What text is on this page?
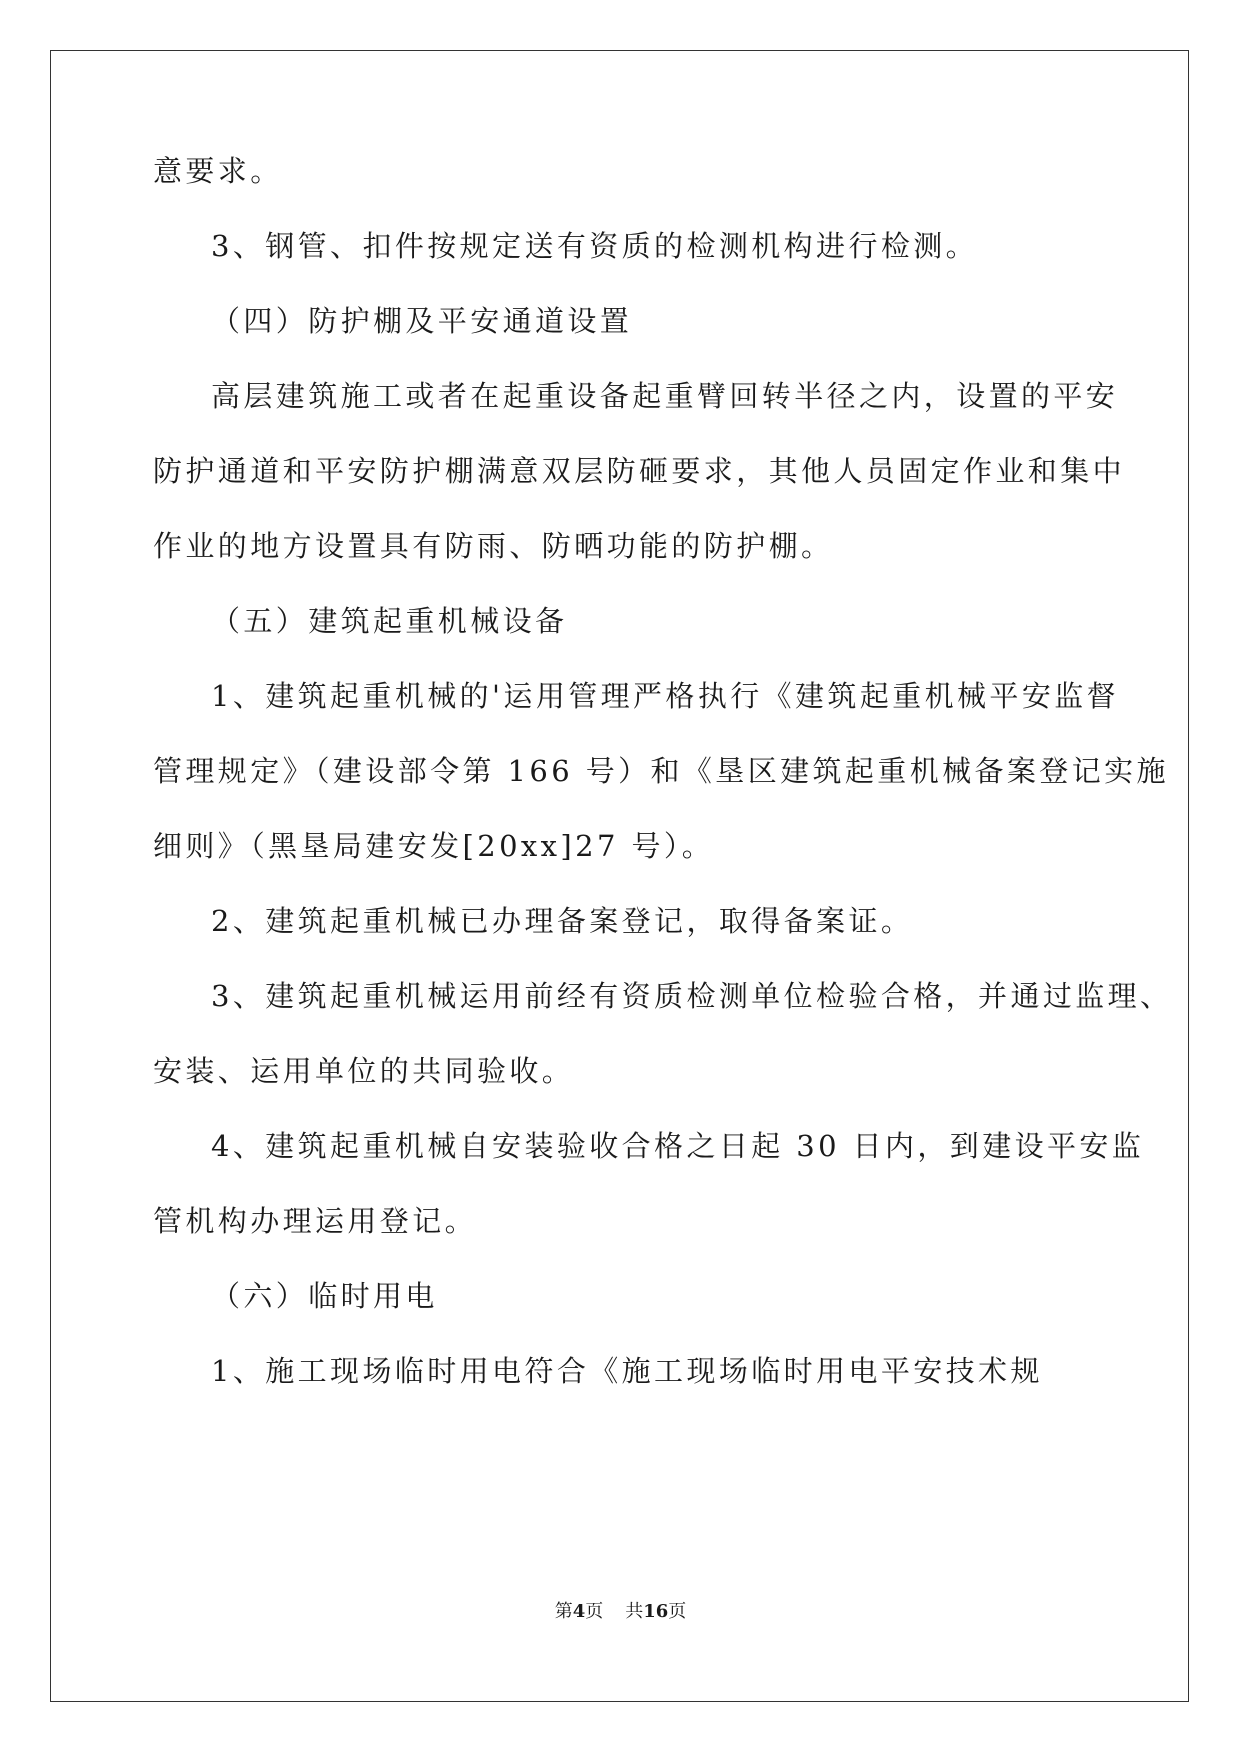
意要求。
3、钢管、扣件按规定送有资质的检测机构进行检测。
（四）防护棚及平安通道设置
高层建筑施工或者在起重设备起重臂回转半径之内，设置的平安
防护通道和平安防护棚满意双层防砸要求，其他人员固定作业和集中
作业的地方设置具有防雨、防晒功能的防护棚。
（五）建筑起重机械设备
1、建筑起重机械的'运用管理严格执行《建筑起重机械平安监督
管理规定》（建设部令第 166 号）和《垦区建筑起重机械备案登记实施
细则》（黑垦局建安发[20xx]27 号）。
2、建筑起重机械已办理备案登记，取得备案证。
3、建筑起重机械运用前经有资质检测单位检验合格，并通过监理、
安装、运用单位的共同验收。
4、建筑起重机械自安装验收合格之日起 30 日内，到建设平安监
管机构办理运用登记。
（六）临时用电
1、施工现场临时用电符合《施工现场临时用电平安技术规
第4页 共16页
